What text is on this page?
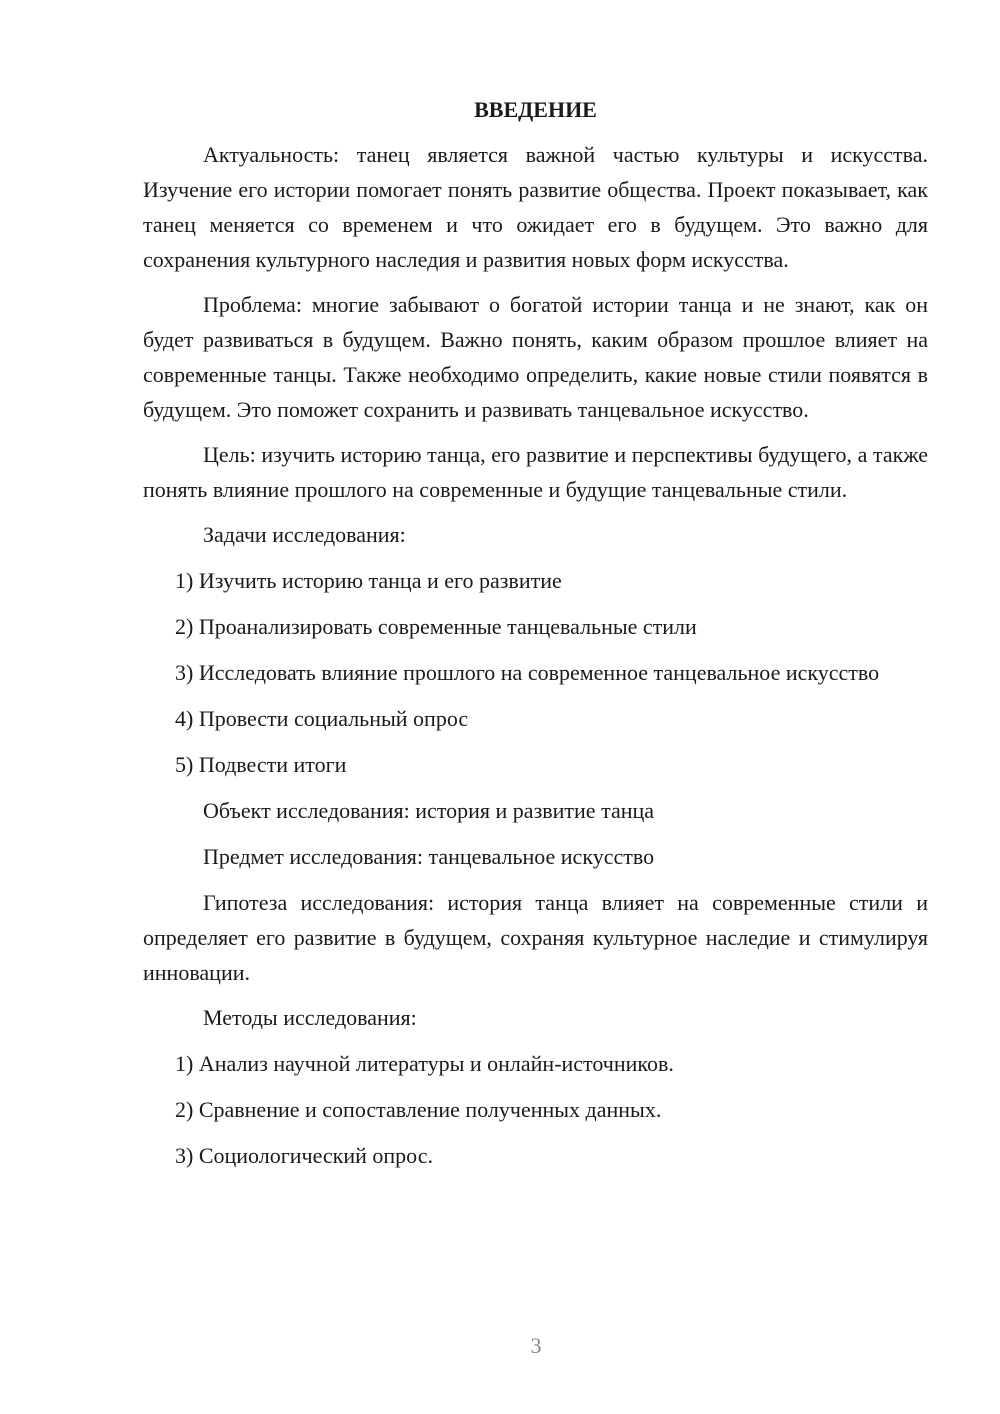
ВВЕДЕНИЕ

Актуальность: танец является важной частью культуры и искусства. Изучение его истории помогает понять развитие общества. Проект показывает, как танец меняется со временем и что ожидает его в будущем. Это важно для сохранения культурного наследия и развития новых форм искусства.

Проблема: многие забывают о богатой истории танца и не знают, как он будет развиваться в будущем. Важно понять, каким образом прошлое влияет на современные танцы. Также необходимо определить, какие новые стили появятся в будущем. Это поможет сохранить и развивать танцевальное искусство.

Цель: изучить историю танца, его развитие и перспективы будущего, а также понять влияние прошлого на современные и будущие танцевальные стили.

Задачи исследования:

1) Изучить историю танца и его развитие

2) Проанализировать современные танцевальные стили

3) Исследовать влияние прошлого на современное танцевальное искусство

4) Провести социальный опрос

5) Подвести итоги

Объект исследования: история и развитие танца

Предмет исследования: танцевальное искусство

Гипотеза исследования: история танца влияет на современные стили и определяет его развитие в будущем, сохраняя культурное наследие и стимулируя инновации.

Методы исследования:

1) Анализ научной литературы и онлайн-источников.

2) Сравнение и сопоставление полученных данных.

3) Социологический опрос.

3
